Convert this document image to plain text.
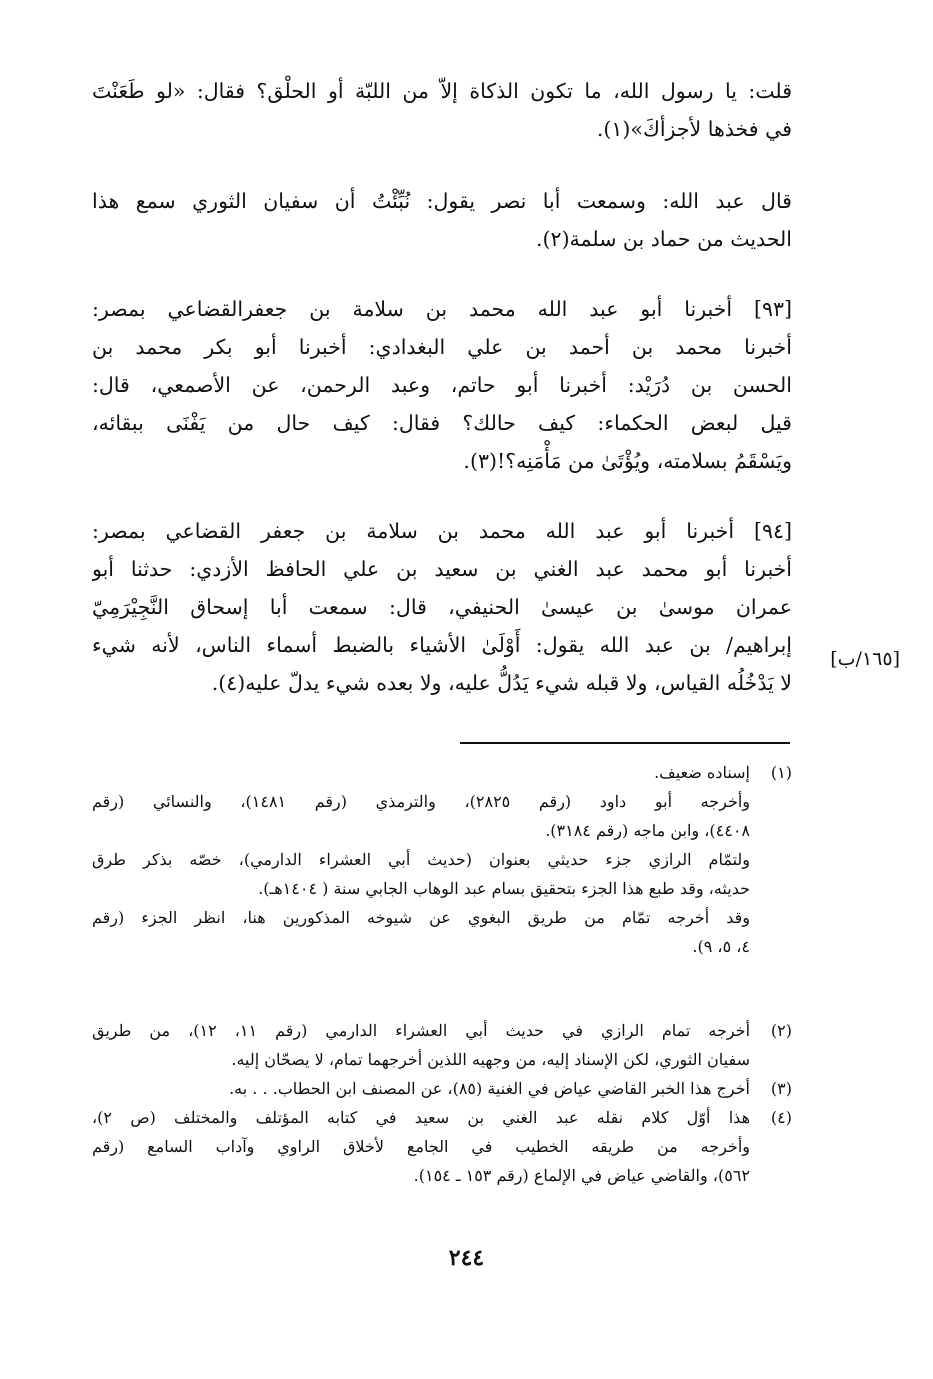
قلت: يا رسول الله، ما تكون الذكاة إلاّ من اللبّة أو الحلْق؟ فقال: «لو طَعَنْتَ
في فخذها لأجزأكَ»(١).
قال عبد الله: وسمعت أبا نصر يقول: نُبِّئْتُ أن سفيان الثوري سمع هذا
الحديث من حماد بن سلمة(٢).
[٩٣] أخبرنا أبو عبد الله محمد بن سلامة بن جعفرالقضاعي بمصر:
أخبرنا محمد بن أحمد بن علي البغدادي: أخبرنا أبو بكر محمد بن
الحسن بن دُرَيْد: أخبرنا أبو حاتم، وعبد الرحمن، عن الأصمعي، قال:
قيل لبعض الحكماء: كيف حالك؟ فقال: كيف حال من يَفْنَى ببقائه،
ويَسْقَمُ بسلامته، ويُؤْتَىٰ من مَأْمَنِه؟!(٣).
[٩٤] أخبرنا أبو عبد الله محمد بن سلامة بن جعفر القضاعي بمصر:
أخبرنا أبو محمد عبد الغني بن سعيد بن علي الحافظ الأزدي: حدثنا أبو
عمران موسىٰ بن عيسىٰ الحنيفي، قال: سمعت أبا إسحاق النَّجِيْرَمِيّ
إبراهيم/ بن عبد الله يقول: أَوْلَىٰ الأشياء بالضبط أسماء الناس، لأنه شيء
لا يَدْخُلُه القياس، ولا قبله شيء يَدُلُّ عليه، ولا بعده شيء يدلّ عليه(٤).
[١٦٥/ب]
(١)
إسناده ضعيف.
وأخرجه أبو داود (رقم ٢٨٢٥)، والترمذي (رقم ١٤٨١)، والنسائي (رقم
٤٤٠٨)، وابن ماجه (رقم ٣١٨٤).
ولتمّام الرازي جزء حديثي بعنوان (حديث أبي العشراء الدارمي)، خصّه بذكر طرق
حديثه، وقد طبع هذا الجزء بتحقيق بسام عبد الوهاب الجابي سنة ( ١٤٠٤هـ).
وقد أخرجه تمّام من طريق البغوي عن شيوخه المذكورين هنا، انظر الجزء (رقم
٤، ٥، ٩).
(٢)
أخرجه تمام الرازي في حديث أبي العشراء الدارمي (رقم ١١، ١٢)، من طريق
سفيان الثوري، لكن الإسناد إليه، من وجهيه اللذين أخرجهما تمام، لا يصحّان إليه.
(٣)
أخرج هذا الخبر القاضي عياض في الغنية (٨٥)، عن المصنف ابن الحطاب. . . به.
(٤)
هذا أوّل كلام نقله عبد الغني بن سعيد في كتابه المؤتلف والمختلف (ص ٢)،
وأخرجه من طريقه الخطيب في الجامع لأخلاق الراوي وآداب السامع (رقم
٥٦٢)، والقاضي عياض في الإلماع (رقم ١٥٣ ـ ١٥٤).
٢٤٤
